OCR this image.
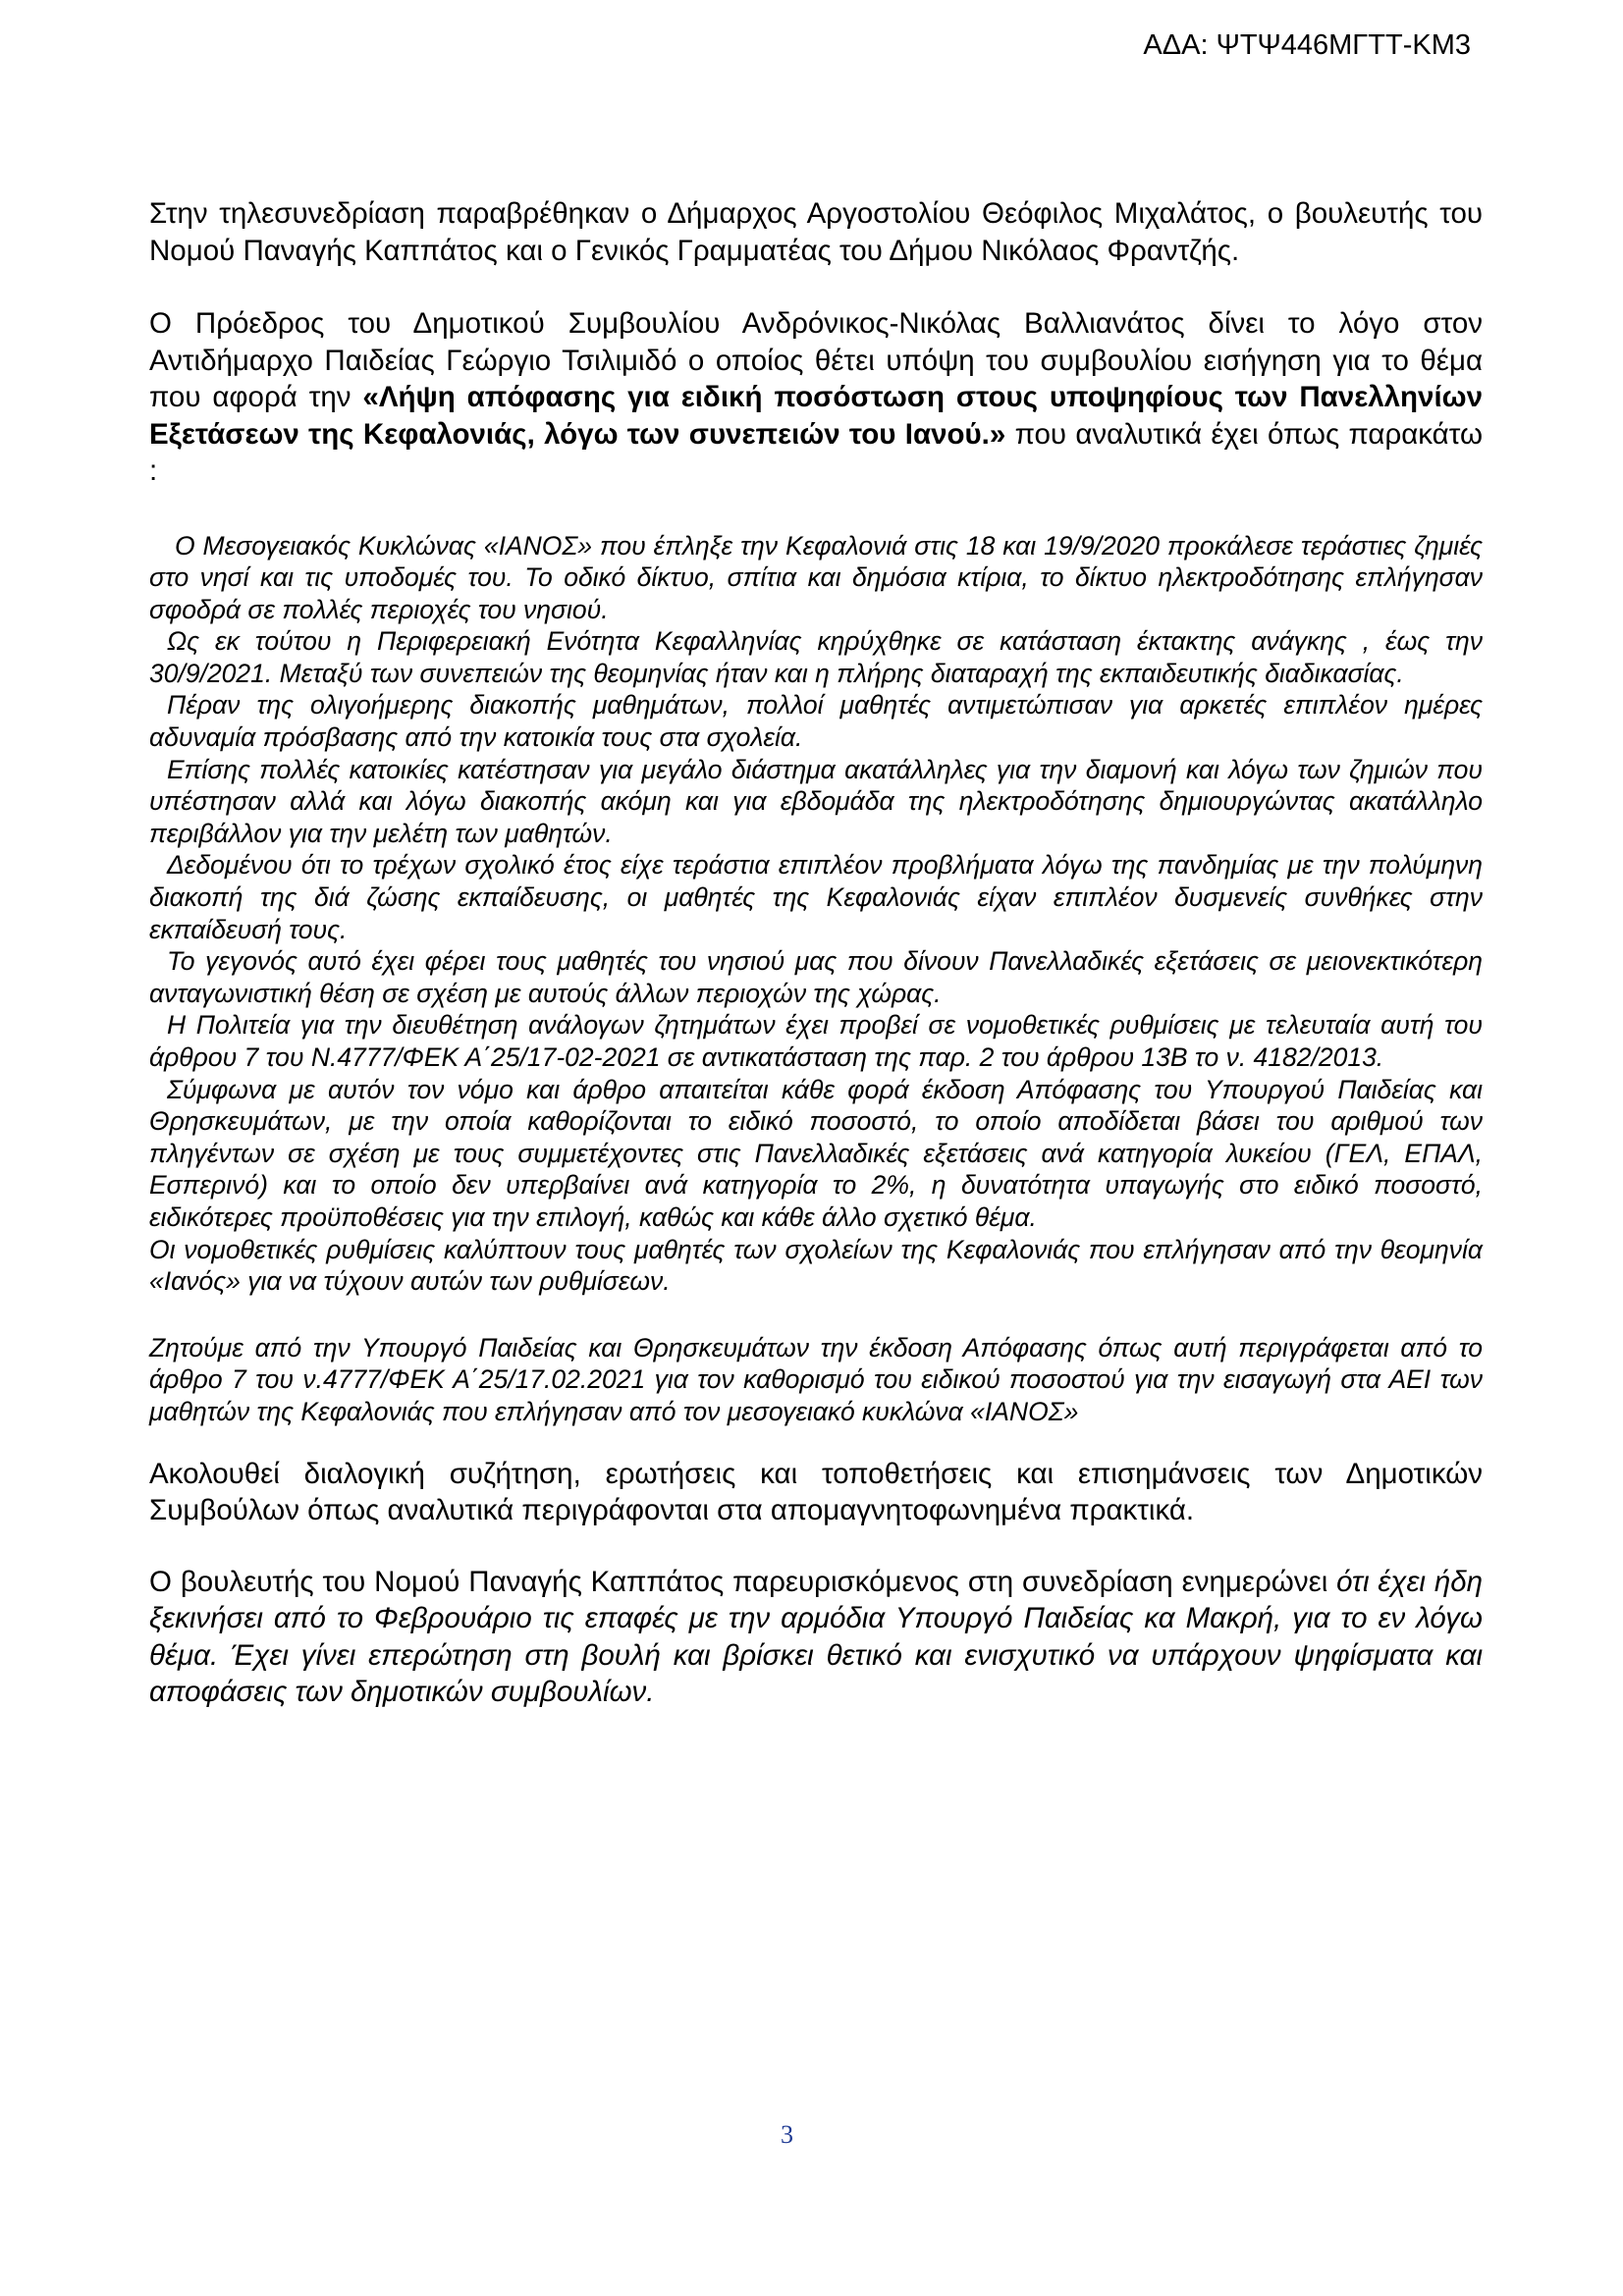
ΑΔΑ: ΨΤΨ446ΜΓΤΤ-ΚΜ3

Στην τηλεσυνεδρίαση παραβρέθηκαν ο Δήμαρχος Αργοστολίου Θεόφιλος Μιχαλάτος, ο βουλευτής του Νομού Παναγής Καππάτος και ο Γενικός Γραμματέας του Δήμου Νικόλαος Φραντζής.

Ο Πρόεδρος του Δημοτικού Συμβουλίου Ανδρόνικος-Νικόλας Βαλλιανάτος δίνει το λόγο στον Αντιδήμαρχο Παιδείας Γεώργιο Τσιλιμιδό ο οποίος θέτει υπόψη του συμβουλίου εισήγηση για το θέμα που αφορά την «Λήψη απόφασης για ειδική ποσόστωση στους υποψηφίους των Πανελληνίων Εξετάσεων της Κεφαλονιάς, λόγω των συνεπειών του Ιανού.» που αναλυτικά έχει όπως παρακάτω :

Ο Μεσογειακός Κυκλώνας «ΙΑΝΟΣ» που έπληξε την Κεφαλονιά στις 18 και 19/9/2020 προκάλεσε τεράστιες ζημιές στο νησί και τις υποδομές του. Το οδικό δίκτυο, σπίτια και δημόσια κτίρια, το δίκτυο ηλεκτροδότησης επλήγησαν σφοδρά σε πολλές περιοχές του νησιού.

Ως εκ τούτου η Περιφερειακή Ενότητα Κεφαλληνίας κηρύχθηκε σε κατάσταση έκτακτης ανάγκης , έως την 30/9/2021. Μεταξύ των συνεπειών της θεομηνίας ήταν και η πλήρης διαταραχή της εκπαιδευτικής διαδικασίας.

Πέραν της ολιγοήμερης διακοπής μαθημάτων, πολλοί μαθητές αντιμετώπισαν για αρκετές επιπλέον ημέρες αδυναμία πρόσβασης από την κατοικία τους στα σχολεία.

Επίσης πολλές κατοικίες κατέστησαν για μεγάλο διάστημα ακατάλληλες για την διαμονή και λόγω των ζημιών που υπέστησαν αλλά και λόγω διακοπής ακόμη και για εβδομάδα της ηλεκτροδότησης δημιουργώντας ακατάλληλο περιβάλλον για την μελέτη των μαθητών.

Δεδομένου ότι το τρέχων σχολικό έτος είχε τεράστια επιπλέον προβλήματα λόγω της πανδημίας με την πολύμηνη διακοπή της διά ζώσης εκπαίδευσης, οι μαθητές της Κεφαλονιάς είχαν επιπλέον δυσμενείς συνθήκες στην εκπαίδευσή τους.

Το γεγονός αυτό έχει φέρει τους μαθητές του νησιού μας που δίνουν Πανελλαδικές εξετάσεις σε μειονεκτικότερη ανταγωνιστική θέση σε σχέση με αυτούς άλλων περιοχών της χώρας.

Η Πολιτεία για την διευθέτηση ανάλογων ζητημάτων έχει προβεί σε νομοθετικές ρυθμίσεις με τελευταία αυτή του άρθρου 7 του Ν.4777/ΦΕΚ Α΄25/17-02-2021 σε αντικατάσταση της παρ. 2 του άρθρου 13Β το ν. 4182/2013.

Σύμφωνα με αυτόν τον νόμο και άρθρο απαιτείται κάθε φορά έκδοση Απόφασης του Υπουργού Παιδείας και Θρησκευμάτων, με την οποία καθορίζονται το ειδικό ποσοστό, το οποίο αποδίδεται βάσει του αριθμού των πληγέντων σε σχέση με τους συμμετέχοντες στις Πανελλαδικές εξετάσεις ανά κατηγορία λυκείου (ΓΕΛ, ΕΠΑΛ, Εσπερινό) και το οποίο δεν υπερβαίνει ανά κατηγορία το 2%, η δυνατότητα υπαγωγής στο ειδικό ποσοστό, ειδικότερες προϋποθέσεις για την επιλογή, καθώς και κάθε άλλο σχετικό θέμα.

Οι νομοθετικές ρυθμίσεις καλύπτουν τους μαθητές των σχολείων της Κεφαλονιάς που επλήγησαν από την θεομηνία «Ιανός» για να τύχουν αυτών των ρυθμίσεων.

Ζητούμε από την Υπουργό Παιδείας και Θρησκευμάτων την έκδοση Απόφασης όπως αυτή περιγράφεται από το άρθρο 7 του ν.4777/ΦΕΚ Α΄25/17.02.2021 για τον καθορισμό του ειδικού ποσοστού για την εισαγωγή στα ΑΕΙ των μαθητών της Κεφαλονιάς που επλήγησαν από τον μεσογειακό κυκλώνα «ΙΑΝΟΣ»

Ακολουθεί διαλογική συζήτηση, ερωτήσεις και τοποθετήσεις και επισημάνσεις των Δημοτικών Συμβούλων όπως αναλυτικά περιγράφονται στα απομαγνητοφωνημένα πρακτικά.

Ο βουλευτής του Νομού Παναγής Καππάτος παρευρισκόμενος στη συνεδρίαση ενημερώνει ότι έχει ήδη ξεκινήσει από το Φεβρουάριο τις επαφές με την αρμόδια Υπουργό Παιδείας κα Μακρή, για το εν λόγω θέμα. Έχει γίνει επερώτηση στη βουλή και βρίσκει θετικό και ενισχυτικό να υπάρχουν ψηφίσματα και αποφάσεις των δημοτικών συμβουλίων.

3
